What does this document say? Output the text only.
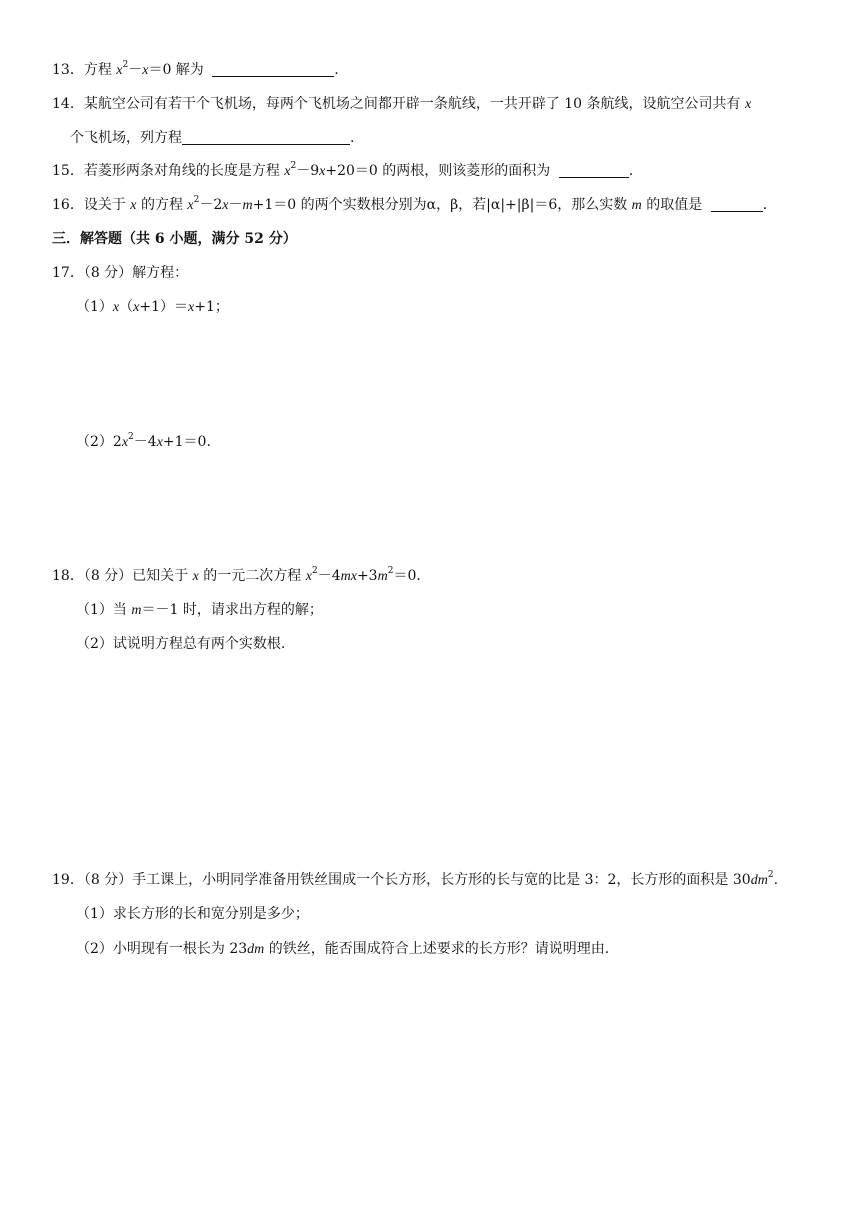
13．方程 $x^2-x=0$ 解为	.
14．某航空公司有若干个飞机场，每两个飞机场之间都开辟一条航线，一共开辟了 10 条航线，设航空公司共有 x
个飞机场，列方程	.
15．若菱形两条对角线的长度是方程 $x^2-9x+20=0$ 的两根，则该菱形的面积为	.
16．设关于 x 的方程 $x^2-2x-m+1=0$ 的两个实数根分别为α，β，若|α|+|β|＝6，那么实数 m 的取值是	.
三．解答题（共 6 小题，满分 52 分）
17．（8 分）解方程：
（1）x（x+1）＝x+1；
$(2)2x^2-4x+1=0$.
18．（8 分）已知关于 x 的一元二次方程 $x^2-4mx+3m^2=0$.
（1）当 m＝－1 时，请求出方程的解；
（2）试说明方程总有两个实数根.
19．（8 分）手工课上，小明同学准备用铁丝围成一个长方形，长方形的长与宽的比是 3：2，长方形的面积是 $30dm^2$.
（1）求长方形的长和宽分别是多少；
（2）小明现有一根长为 23dm 的铁丝，能否围成符合上述要求的长方形？请说明理由.
